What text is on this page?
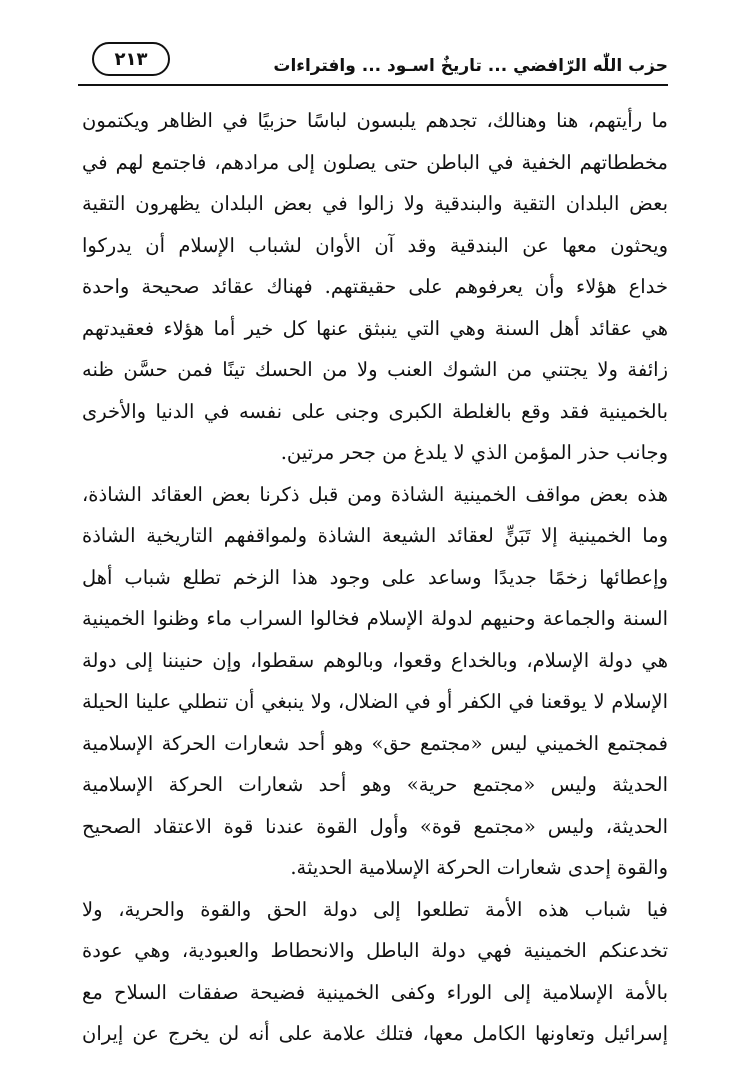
حزب اللّٰه الرّافضي ... تاريخٌ اسـود ... وافتراءات
٢١٣
ما رأيتهم، هنا وهنالك، تجدهم يلبسون لباسًا حزبيًا في الظاهر ويكتمون
مخططاتهم الخفية في الباطن حتى يصلون إلى مرادهم، فاجتمع لهم في
بعض البلدان التقية والبندقية ولا زالوا في بعض البلدان يظهرون التقية
ويحثون معها عن البندقية وقد آن الأوان لشباب الإسلام أن يدركوا
خداع هؤلاء وأن يعرفوهم على حقيقتهم. فهناك عقائد صحيحة واحدة
هي عقائد أهل السنة وهي التي ينبثق عنها كل خير أما هؤلاء فعقيدتهم
زائفة ولا يجتني من الشوك العنب ولا من الحسك تينًا فمن حسَّن ظنه
بالخمينية فقد وقع بالغلطة الكبرى وجنى على نفسه في الدنيا والأخرى
وجانب حذر المؤمن الذي لا يلدغ من جحر مرتين.
هذه بعض مواقف الخمينية الشاذة ومن قبل ذكرنا بعض العقائد الشاذة،
وما الخمينية إلا تَبَنٍّ لعقائد الشيعة الشاذة ولمواقفهم التاريخية الشاذة
وإعطائها زخمًا جديدًا وساعد على وجود هذا الزخم تطلع شباب أهل
السنة والجماعة وحنيهم لدولة الإسلام فخالوا السراب ماء وظنوا الخمينية
هي دولة الإسلام، وبالخداع وقعوا، وبالوهم سقطوا، وإن حنيننا إلى دولة
الإسلام لا يوقعنا في الكفر أو في الضلال، ولا ينبغي أن تنطلي علينا الحيلة
فمجتمع الخميني ليس «مجتمع حق» وهو أحد شعارات الحركة الإسلامية
الحديثة وليس «مجتمع حرية» وهو أحد شعارات الحركة الإسلامية
الحديثة، وليس «مجتمع قوة» وأول القوة عندنا قوة الاعتقاد الصحيح
والقوة إحدى شعارات الحركة الإسلامية الحديثة.
فيا شباب هذه الأمة تطلعوا إلى دولة الحق والقوة والحرية، ولا
تخدعنكم الخمينية فهي دولة الباطل والانحطاط والعبودية، وهي عودة
بالأمة الإسلامية إلى الوراء وكفى الخمينية فضيحة صفقات السلاح مع
إسرائيل وتعاونها الكامل معها، فتلك علامة على أنه لن يخرج عن إيران
